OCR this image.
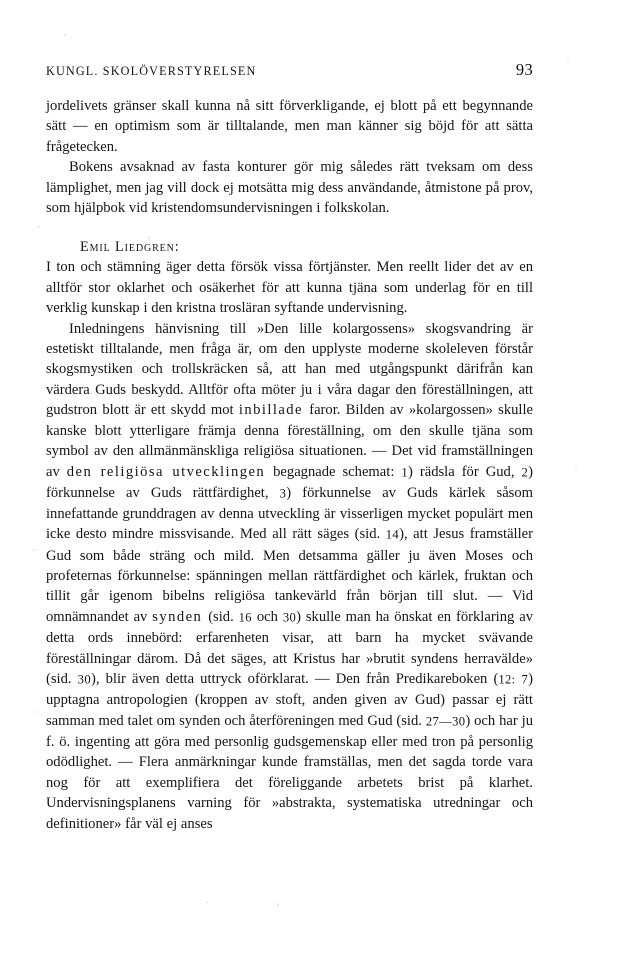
KUNGL. SKOLÖVERSTYRELSEN	93

jordelivets gränser skall kunna nå sitt förverkligande, ej blott på ett begynnande sätt — en optimism som är tilltalande, men man känner sig böjd för att sätta frågetecken.

Bokens avsaknad av fasta konturer gör mig således rätt tveksam om dess lämplighet, men jag vill dock ej motsätta mig dess användande, åtmistone på prov, som hjälpbok vid kristendomsundervisningen i folkskolan.

Emil Liedgren:

I ton och stämning äger detta försök vissa förtjänster. Men reellt lider det av en alltför stor oklarhet och osäkerhet för att kunna tjäna som underlag för en till verklig kunskap i den kristna trosläran syftande undervisning.

Inledningens hänvisning till »Den lille kolargossens» skogsvandring är estetiskt tilltalande, men fråga är, om den upplyste moderne skoleleven förstår skogsmystiken och trollskräcken så, att han med utgångspunkt därifrån kan värdera Guds beskydd. Alltför ofta möter ju i våra dagar den föreställningen, att gudstron blott är ett skydd mot inbillade faror. Bilden av »kolargossen» skulle kanske blott ytterligare främja denna föreställning, om den skulle tjäna som symbol av den allmänmänskliga religiösa situationen. — Det vid framställningen av den religiösa utvecklingen begagnade schemat: 1) rädsla för Gud, 2) förkunnelse av Guds rättfärdighet, 3) förkunnelse av Guds kärlek såsom innefattande grunddragen av denna utveckling är visserligen mycket populärt men icke desto mindre missvisande. Med all rätt säges (sid. 14), att Jesus framställer Gud som både sträng och mild. Men detsamma gäller ju även Moses och profeternas förkunnelse: spänningen mellan rättfärdighet och kärlek, fruktan och tillit går igenom bibelns religiösa tankevärld från början till slut. — Vid omnämnandet av synden (sid. 16 och 30) skulle man ha önskat en förklaring av detta ords innebörd: erfarenheten visar, att barn ha mycket svävande föreställningar därom. Då det säges, att Kristus har »brutit syndens herravälde» (sid. 30), blir även detta uttryck oförklarat. — Den från Predikareboken (12: 7) upptagna antropologien (kroppen av stoft, anden given av Gud) passar ej rätt samman med talet om synden och återföreningen med Gud (sid. 27—30) och har ju f. ö. ingenting att göra med personlig gudsgemenskap eller med tron på personlig odödlighet. — Flera anmärkningar kunde framställas, men det sagda torde vara nog för att exemplifiera det föreliggande arbetets brist på klarhet. Undervisningsplanens varning för »abstrakta, systematiska utredningar och definitioner» får väl ej anses
